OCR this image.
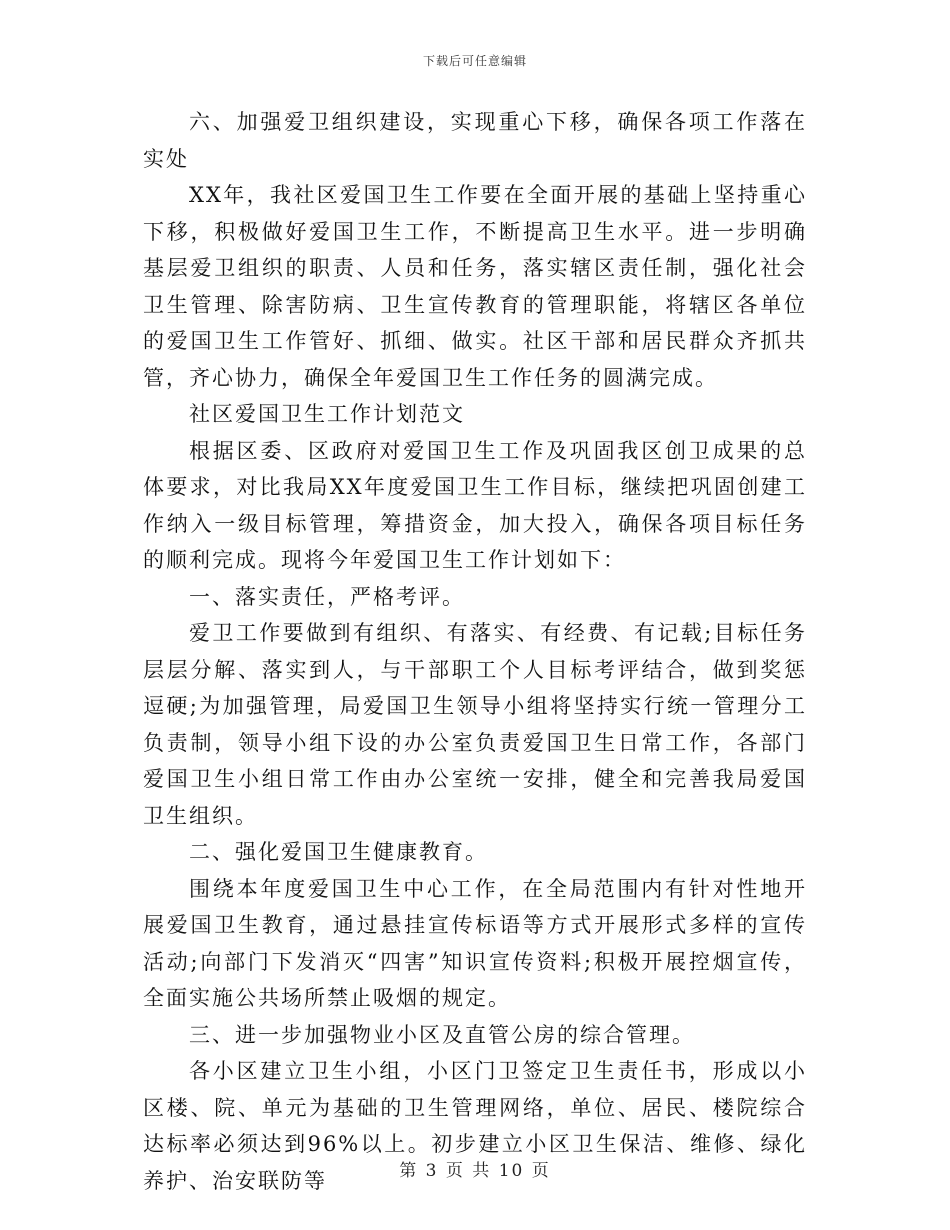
下载后可任意编辑

六、加强爱卫组织建设，实现重心下移，确保各项工作落在实处

XX年，我社区爱国卫生工作要在全面开展的基础上坚持重心下移，积极做好爱国卫生工作，不断提高卫生水平。进一步明确基层爱卫组织的职责、人员和任务，落实辖区责任制，强化社会卫生管理、除害防病、卫生宣传教育的管理职能，将辖区各单位的爱国卫生工作管好、抓细、做实。社区干部和居民群众齐抓共管，齐心协力，确保全年爱国卫生工作任务的圆满完成。

社区爱国卫生工作计划范文

根据区委、区政府对爱国卫生工作及巩固我区创卫成果的总体要求，对比我局XX年度爱国卫生工作目标，继续把巩固创建工作纳入一级目标管理，筹措资金，加大投入，确保各项目标任务的顺利完成。现将今年爱国卫生工作计划如下：

一、落实责任，严格考评。

爱卫工作要做到有组织、有落实、有经费、有记载;目标任务层层分解、落实到人，与干部职工个人目标考评结合，做到奖惩逗硬;为加强管理，局爱国卫生领导小组将坚持实行统一管理分工负责制，领导小组下设的办公室负责爱国卫生日常工作，各部门爱国卫生小组日常工作由办公室统一安排，健全和完善我局爱国卫生组织。

二、强化爱国卫生健康教育。

围绕本年度爱国卫生中心工作，在全局范围内有针对性地开展爱国卫生教育，通过悬挂宣传标语等方式开展形式多样的宣传活动;向部门下发消灭“四害”知识宣传资料;积极开展控烟宣传，全面实施公共场所禁止吸烟的规定。

三、进一步加强物业小区及直管公房的综合管理。

各小区建立卫生小组，小区门卫签定卫生责任书，形成以小区楼、院、单元为基础的卫生管理网络，单位、居民、楼院综合达标率必须达到96%以上。初步建立小区卫生保洁、维修、绿化养护、治安联防等	第 3 页 共 10 页
